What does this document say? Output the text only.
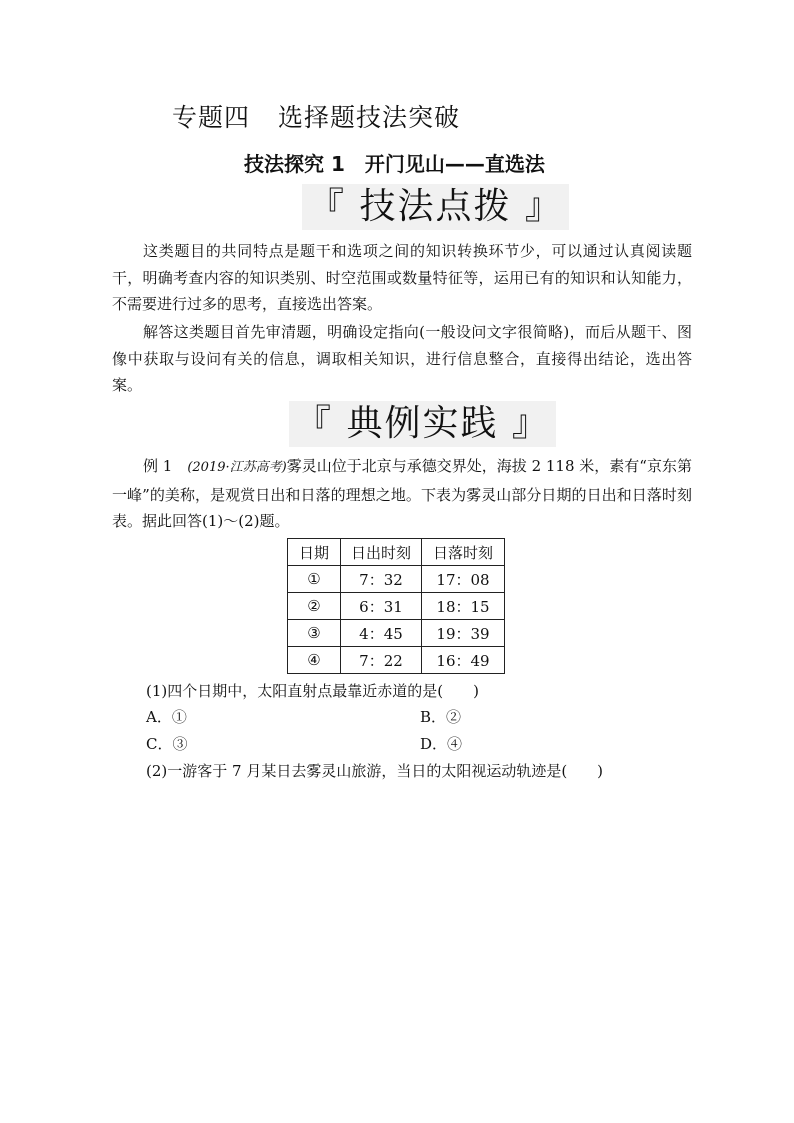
专题四 选择题技法突破
技法探究 1 开门见山——直选法
『 技法点拨 』
这类题目的共同特点是题干和选项之间的知识转换环节少，可以通过认真阅读题干，明确考查内容的知识类别、时空范围或数量特征等，运用已有的知识和认知能力，不需要进行过多的思考，直接选出答案。
解答这类题目首先审清题，明确设定指向(一般设问文字很简略)，而后从题干、图像中获取与设问有关的信息，调取相关知识，进行信息整合，直接得出结论，选出答案。
『 典例实践 』
例 1　 (2019·江苏高考)雾灵山位于北京与承德交界处，海拔 2 118 米，素有“京东第一峰”的美称，是观赏日出和日落的理想之地。下表为雾灵山部分日期的日出和日落时刻表。据此回答(1)～(2)题。
日期	日出时刻	日落时刻
①	7：32	17：08
②	6：31	18：15
③	4：45	19：39
④	7：22	16：49
(1)四个日期中，太阳直射点最靠近赤道的是(　　)
A．①	B．②
C．③	D．④
(2)一游客于 7 月某日去雾灵山旅游，当日的太阳视运动轨迹是(　　)
